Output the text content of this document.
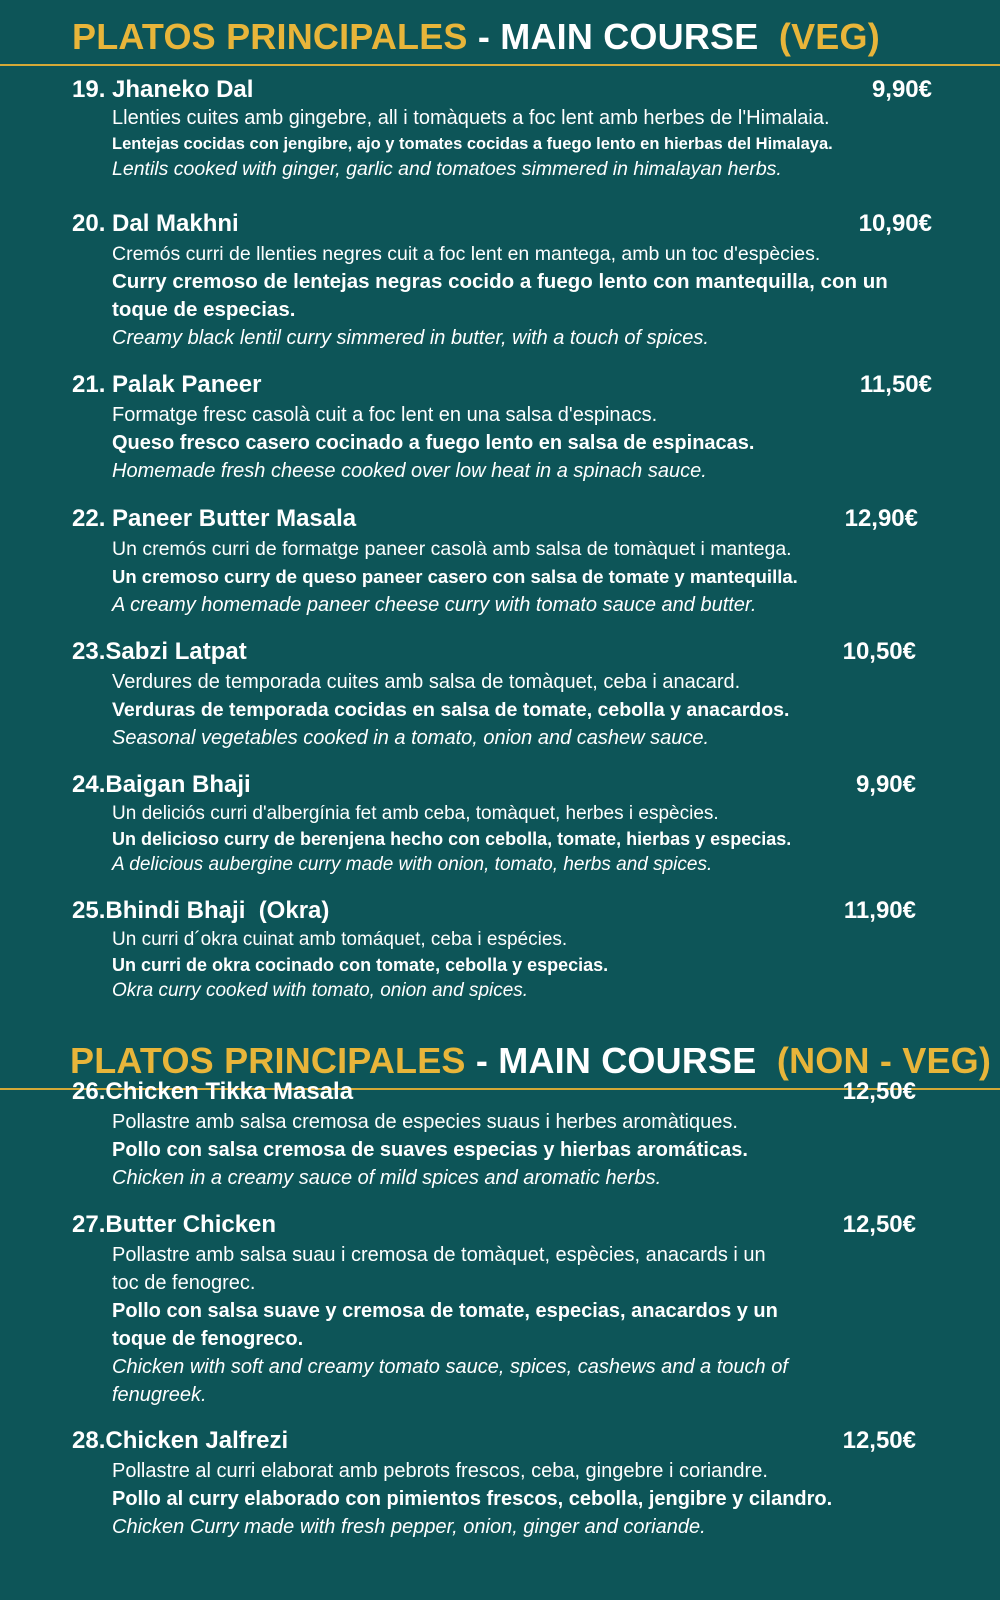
PLATOS PRINCIPALES - MAIN COURSE (VEG)
19. Jhaneko Dal	9,90€
Llenties cuites amb gingebre, all i tomàquets a foc lent amb herbes de l'Himalaia.
Lentejas cocidas con jengibre, ajo y tomates cocidas a fuego lento en hierbas del Himalaya.
Lentils cooked with ginger, garlic and tomatoes simmered in himalayan herbs.
20. Dal Makhni	10,90€
Cremós curri de llenties negres cuit a foc lent en mantega, amb un toc d'espècies.
Curry cremoso de lentejas negras cocido a fuego lento con mantequilla, con un toque de especias.
Creamy black lentil curry simmered in butter, with a touch of spices.
21. Palak Paneer	11,50€
Formatge fresc casolà cuit a foc lent en una salsa d'espinacs.
Queso fresco casero cocinado a fuego lento en salsa de espinacas.
Homemade fresh cheese cooked over low heat in a spinach sauce.
22. Paneer Butter Masala	12,90€
Un cremós curri de formatge paneer casolà amb salsa de tomàquet i mantega.
Un cremoso curry de queso paneer casero con salsa de tomate y mantequilla.
A creamy homemade paneer cheese curry with tomato sauce and butter.
23.Sabzi Latpat	10,50€
Verdures de temporada cuites amb salsa de tomàquet, ceba i anacard.
Verduras de temporada cocidas en salsa de tomate, cebolla y anacardos.
Seasonal vegetables cooked in a tomato, onion and cashew sauce.
24.Baigan Bhaji	9,90€
Un deliciós curri d'albergínia fet amb ceba, tomàquet, herbes i espècies.
Un delicioso curry de berenjena hecho con cebolla, tomate, hierbas y especias.
A delicious aubergine curry made with onion, tomato, herbs and spices.
25.Bhindi Bhaji  (Okra)	11,90€
Un curri d´okra cuinat amb tomáquet, ceba i espécies.
Un curri de okra cocinado con tomate, cebolla y especias.
Okra curry cooked with tomato, onion and spices.
PLATOS PRINCIPALES - MAIN COURSE (NON - VEG)
26.Chicken Tikka Masala	12,50€
Pollastre amb salsa cremosa de especies suaus i herbes aromàtiques.
Pollo con salsa cremosa de suaves especias y hierbas aromáticas.
Chicken in a creamy sauce of mild spices and aromatic herbs.
27.Butter Chicken	12,50€
Pollastre amb salsa suau i cremosa de tomàquet, espècies, anacards i un toc de fenogrec.
Pollo con salsa suave y cremosa de tomate, especias, anacardos y un toque de fenogreco.
Chicken with soft and creamy tomato sauce, spices, cashews and a touch of fenugreek.
28.Chicken Jalfrezi	12,50€
Pollastre al curri elaborat amb pebrots frescos, ceba, gingebre i coriandre.
Pollo al curry elaborado con pimientos frescos, cebolla, jengibre y cilandro.
Chicken Curry made with fresh pepper, onion, ginger and coriande.
